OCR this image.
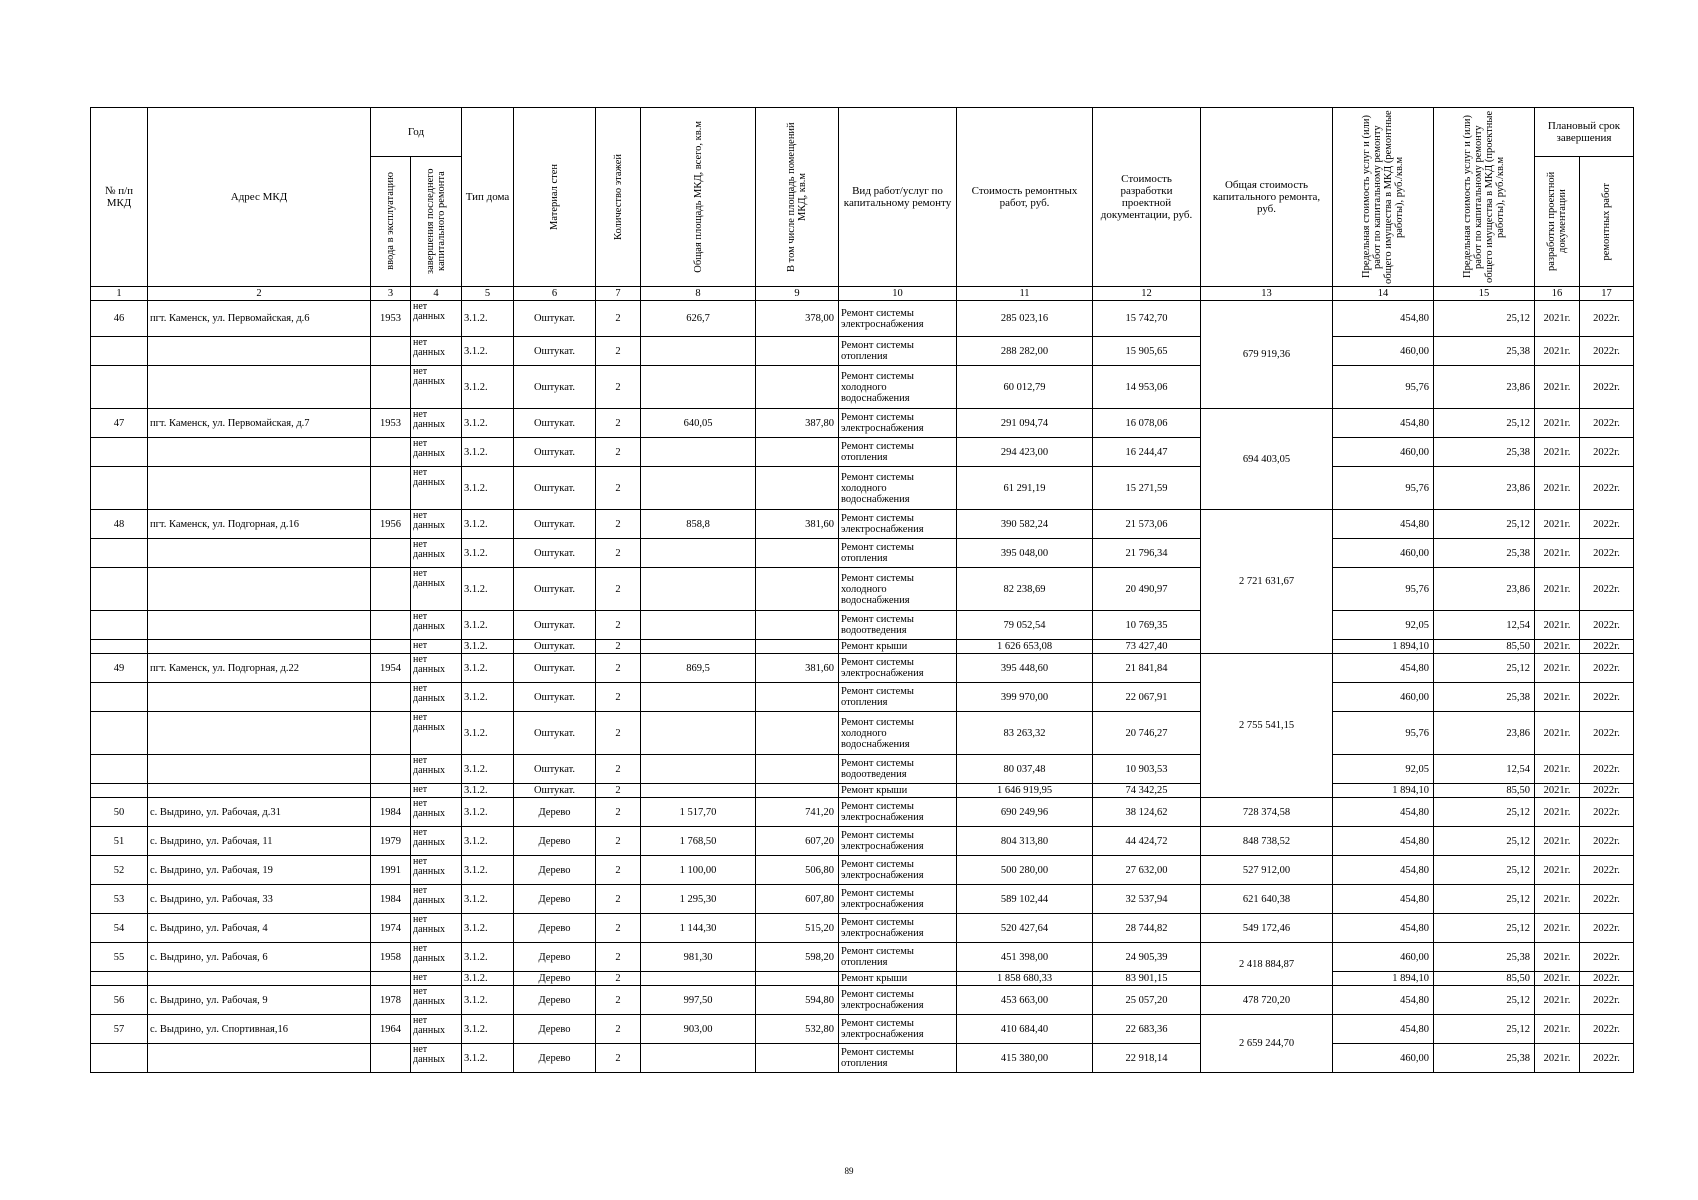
№ п/п МКД	Адрес МКД	Год		Тип дома	Материал стен	Количество этажей	Общая площадь МКД, всего, кв.м	В том числе площадь помещений МКД, кв.м	Вид работ/услуг по капитальному ремонту	Стоимость ремонтных работ, руб.	Стоимость разработки проектной документации, руб.	Общая стоимость капитального ремонта, руб.	Предельная стоимость услуг и (или) работ по капитальному ремонту общего имущества в МКД (ремонтные работы), руб./кв.м	Предельная стоимость услуг и (или) работ по капитальному ремонту общего имущества в МКД (проектные работы), руб./кв.м	Плановый срок завершения	

		ввода в эксплуатацию	завершения последнего капитального ремонта												разработки проектной документации	ремонтных работ

1	2	3	4	5	6	7	8	9	10	11	12	13	14	15	16	17
46	пгт. Каменск, ул. Первомайская, д.6	1953	нет данных	3.1.2.	Оштукат.	2	626,7	378,00	Ремонт системы электроснабжения	285 023,16	15 742,70	679 919,36	454,80	25,12	2021г.	2022г.
			нет данных	3.1.2.	Оштукат.	2			Ремонт системы отопления	288 282,00	15 905,65		460,00	25,38	2021г.	2022г.
			нет данных	3.1.2.	Оштукат.	2			Ремонт системы холодного водоснабжения	60 012,79	14 953,06		95,76	23,86	2021г.	2022г.
47	пгт. Каменск, ул. Первомайская, д.7	1953	нет данных	3.1.2.	Оштукат.	2	640,05	387,80	Ремонт системы электроснабжения	291 094,74	16 078,06	694 403,05	454,80	25,12	2021г.	2022г.
			нет данных	3.1.2.	Оштукат.	2			Ремонт системы отопления	294 423,00	16 244,47		460,00	25,38	2021г.	2022г.
			нет данных	3.1.2.	Оштукат.	2			Ремонт системы холодного водоснабжения	61 291,19	15 271,59		95,76	23,86	2021г.	2022г.
48	пгт. Каменск, ул. Подгорная, д.16	1956	нет данных	3.1.2.	Оштукат.	2	858,8	381,60	Ремонт системы электроснабжения	390 582,24	21 573,06	2 721 631,67	454,80	25,12	2021г.	2022г.
			нет данных	3.1.2.	Оштукат.	2			Ремонт системы отопления	395 048,00	21 796,34		460,00	25,38	2021г.	2022г.
			нет данных	3.1.2.	Оштукат.	2			Ремонт системы холодного водоснабжения	82 238,69	20 490,97		95,76	23,86	2021г.	2022г.
			нет данных	3.1.2.	Оштукат.	2			Ремонт системы водоотведения	79 052,54	10 769,35		92,05	12,54	2021г.	2022г.
			нет	3.1.2.	Оштукат.	2			Ремонт крыши	1 626 653,08	73 427,40		1 894,10	85,50	2021г.	2022г.
49	пгт. Каменск, ул. Подгорная, д.22	1954	нет данных	3.1.2.	Оштукат.	2	869,5	381,60	Ремонт системы электроснабжения	395 448,60	21 841,84	2 755 541,15	454,80	25,12	2021г.	2022г.
			нет данных	3.1.2.	Оштукат.	2			Ремонт системы отопления	399 970,00	22 067,91		460,00	25,38	2021г.	2022г.
			нет данных	3.1.2.	Оштукат.	2			Ремонт системы холодного водоснабжения	83 263,32	20 746,27		95,76	23,86	2021г.	2022г.
			нет данных	3.1.2.	Оштукат.	2			Ремонт системы водоотведения	80 037,48	10 903,53		92,05	12,54	2021г.	2022г.
			нет	3.1.2.	Оштукат.	2			Ремонт крыши	1 646 919,95	74 342,25		1 894,10	85,50	2021г.	2022г.
50	с. Выдрино, ул. Рабочая, д.31	1984	нет данных	3.1.2.	Дерево	2	1 517,70	741,20	Ремонт системы электроснабжения	690 249,96	38 124,62	728 374,58	454,80	25,12	2021г.	2022г.
51	с. Выдрино, ул. Рабочая, 11	1979	нет данных	3.1.2.	Дерево	2	1 768,50	607,20	Ремонт системы электроснабжения	804 313,80	44 424,72	848 738,52	454,80	25,12	2021г.	2022г.
52	с. Выдрино, ул. Рабочая, 19	1991	нет данных	3.1.2.	Дерево	2	1 100,00	506,80	Ремонт системы электроснабжения	500 280,00	27 632,00	527 912,00	454,80	25,12	2021г.	2022г.
53	с. Выдрино, ул. Рабочая, 33	1984	нет данных	3.1.2.	Дерево	2	1 295,30	607,80	Ремонт системы электроснабжения	589 102,44	32 537,94	621 640,38	454,80	25,12	2021г.	2022г.
54	с. Выдрино, ул. Рабочая, 4	1974	нет данных	3.1.2.	Дерево	2	1 144,30	515,20	Ремонт системы электроснабжения	520 427,64	28 744,82	549 172,46	454,80	25,12	2021г.	2022г.
55	с. Выдрино, ул. Рабочая, 6	1958	нет данных	3.1.2.	Дерево	2	981,30	598,20	Ремонт системы отопления	451 398,00	24 905,39	2 418 884,87	460,00	25,38	2021г.	2022г.
			нет	3.1.2.	Дерево	2			Ремонт крыши	1 858 680,33	83 901,15		1 894,10	85,50	2021г.	2022г.
56	с. Выдрино, ул. Рабочая, 9	1978	нет данных	3.1.2.	Дерево	2	997,50	594,80	Ремонт системы электроснабжения	453 663,00	25 057,20	478 720,20	454,80	25,12	2021г.	2022г.
57	с. Выдрино, ул. Спортивная,16	1964	нет данных	3.1.2.	Дерево	2	903,00	532,80	Ремонт системы электроснабжения	410 684,40	22 683,36	2 659 244,70	454,80	25,12	2021г.	2022г.
			нет данных	3.1.2.	Дерево	2			Ремонт системы отопления	415 380,00	22 918,14		460,00	25,38	2021г.	2022г.
89
